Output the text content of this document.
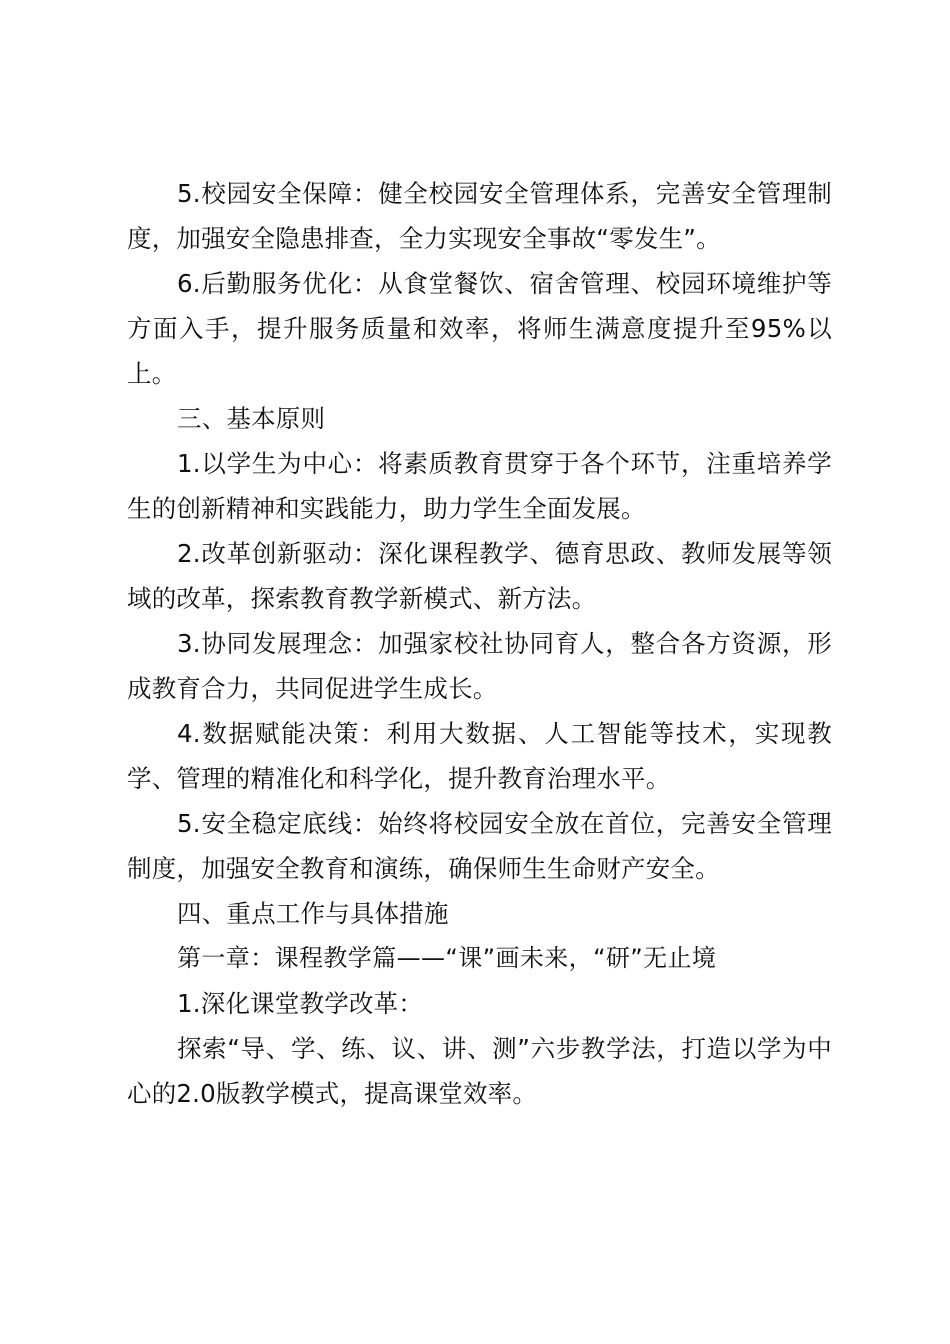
5.校园安全保障：健全校园安全管理体系，完善安全管理制度，加强安全隐患排查，全力实现安全事故“零发生”。

6.后勤服务优化：从食堂餐饮、宿舍管理、校园环境维护等方面入手，提升服务质量和效率，将师生满意度提升至95%以上。

三、基本原则

1.以学生为中心：将素质教育贯穿于各个环节，注重培养学生的创新精神和实践能力，助力学生全面发展。

2.改革创新驱动：深化课程教学、德育思政、教师发展等领域的改革，探索教育教学新模式、新方法。

3.协同发展理念：加强家校社协同育人，整合各方资源，形成教育合力，共同促进学生成长。

4.数据赋能决策：利用大数据、人工智能等技术，实现教学、管理的精准化和科学化，提升教育治理水平。

5.安全稳定底线：始终将校园安全放在首位，完善安全管理制度，加强安全教育和演练，确保师生生命财产安全。

四、重点工作与具体措施

第一章：课程教学篇——“课”画未来，“研”无止境

1.深化课堂教学改革：

探索“导、学、练、议、讲、测”六步教学法，打造以学为中心的2.0版教学模式，提高课堂效率。
